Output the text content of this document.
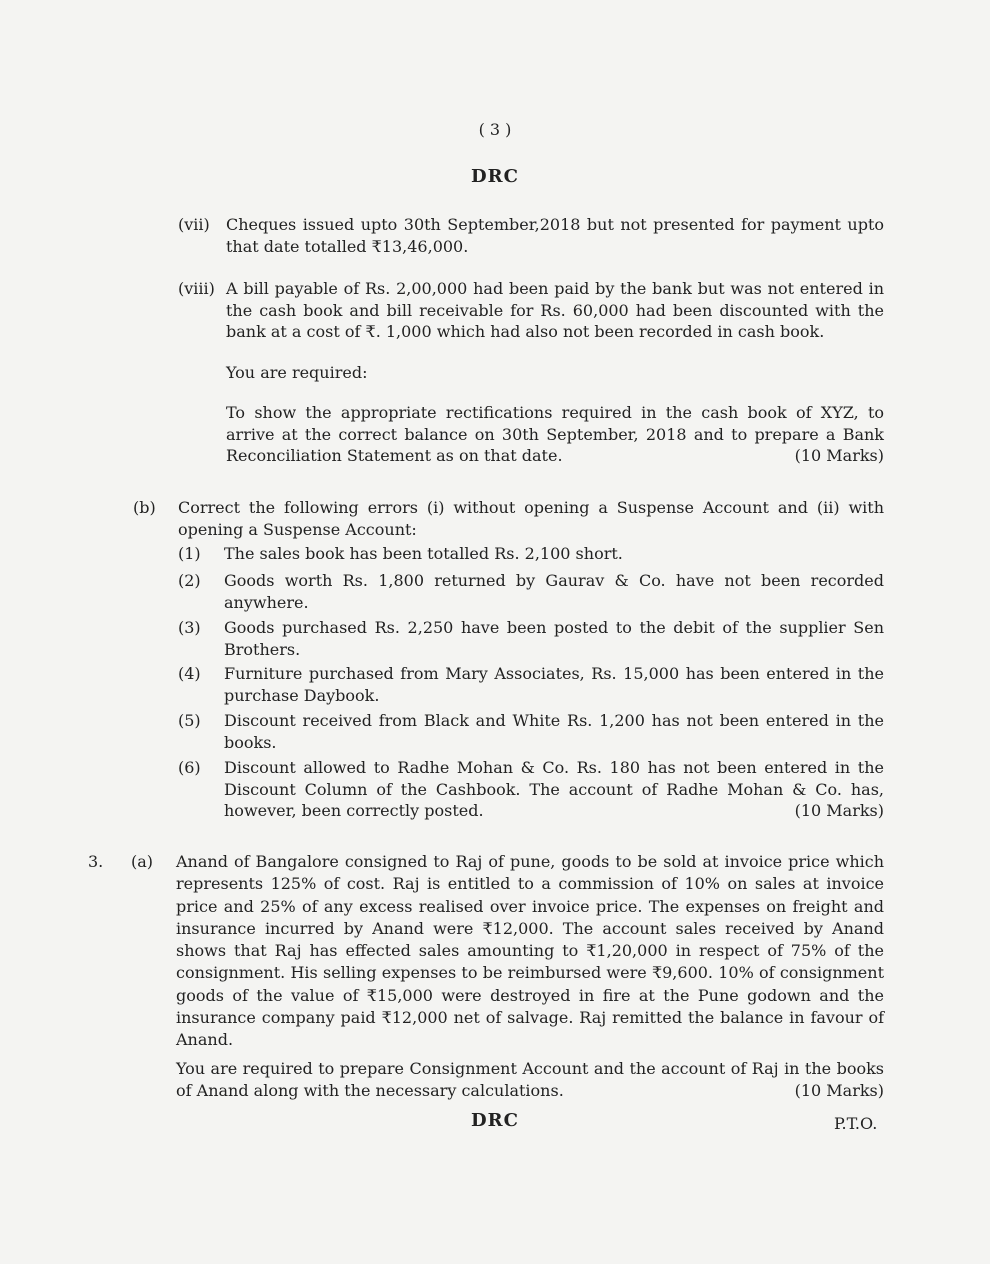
( 3 )
DRC
(vii) Cheques issued upto 30th September,2018 but not presented for payment upto that date totalled ₹13,46,000.
(viii) A bill payable of Rs. 2,00,000 had been paid by the bank but was not entered in the cash book and bill receivable for Rs. 60,000 had been discounted with the bank at a cost of ₹. 1,000 which had also not been recorded in cash book.
You are required:
To show the appropriate rectifications required in the cash book of XYZ, to arrive at the correct balance on 30th September, 2018 and to prepare a Bank Reconciliation Statement as on that date.	(10 Marks)
(b) Correct the following errors (i) without opening a Suspense Account and (ii) with opening a Suspense Account:
(1) The sales book has been totalled Rs. 2,100 short.
(2) Goods worth Rs. 1,800 returned by Gaurav & Co. have not been recorded anywhere.
(3) Goods purchased Rs. 2,250 have been posted to the debit of the supplier Sen Brothers.
(4) Furniture purchased from Mary Associates, Rs. 15,000 has been entered in the purchase Daybook.
(5) Discount received from Black and White Rs. 1,200 has not been entered in the books.
(6) Discount allowed to Radhe Mohan & Co. Rs. 180 has not been entered in the Discount Column of the Cashbook. The account of Radhe Mohan & Co. has, however, been correctly posted.	(10 Marks)
3. (a) Anand of Bangalore consigned to Raj of pune, goods to be sold at invoice price which represents 125% of cost. Raj is entitled to a commission of 10% on sales at invoice price and 25% of any excess realised over invoice price. The expenses on freight and insurance incurred by Anand were ₹12,000. The account sales received by Anand shows that Raj has effected sales amounting to ₹1,20,000 in respect of 75% of the consignment. His selling expenses to be reimbursed were ₹9,600. 10% of consignment goods of the value of ₹15,000 were destroyed in fire at the Pune godown and the insurance company paid ₹12,000 net of salvage. Raj remitted the balance in favour of Anand.
You are required to prepare Consignment Account and the account of Raj in the books of Anand along with the necessary calculations.	(10 Marks)
DRC	P.T.O.
